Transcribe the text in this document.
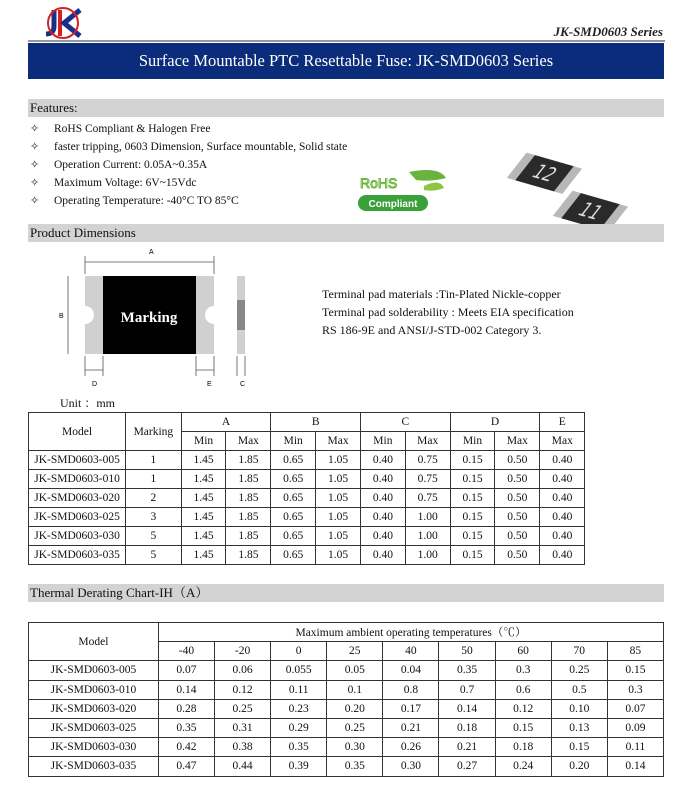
JK-SMD0603 Series
Surface Mountable PTC Resettable Fuse: JK-SMD0603 Series
Features:
✧	RoHS Compliant & Halogen Free
✧	faster tripping, 0603 Dimension, Surface mountable, Solid state
✧	Operation Current: 0.05A~0.35A
✧	Maximum Voltage: 6V~15Vdc
✧	Operating Temperature: -40°C TO 85°C
RoHS
Compliant
12
11
Product Dimensions
A
B	Marking
D	E	C
Terminal pad materials :Tin-Plated Nickle-copper
Terminal pad solderability : Meets EIA specification
RS 186-9E and ANSI/J-STD-002 Category 3.
Unit ：mm
Model	Marking	A		B		C		D		E
		Min	Max	Min	Max	Min	Max	Min	Max	Max
JK-SMD0603-005	1	1.45	1.85	0.65	1.05	0.40	0.75	0.15	0.50	0.40
JK-SMD0603-010	1	1.45	1.85	0.65	1.05	0.40	0.75	0.15	0.50	0.40
JK-SMD0603-020	2	1.45	1.85	0.65	1.05	0.40	0.75	0.15	0.50	0.40
JK-SMD0603-025	3	1.45	1.85	0.65	1.05	0.40	1.00	0.15	0.50	0.40
JK-SMD0603-030	5	1.45	1.85	0.65	1.05	0.40	1.00	0.15	0.50	0.40
JK-SMD0603-035	5	1.45	1.85	0.65	1.05	0.40	1.00	0.15	0.50	0.40
Thermal Derating Chart-IH（A）
Model	Maximum ambient operating temperatures（℃）								
	-40	-20	0	25	40	50	60	70	85
JK-SMD0603-005	0.07	0.06	0.055	0.05	0.04	0.35	0.3	0.25	0.15
JK-SMD0603-010	0.14	0.12	0.11	0.1	0.8	0.7	0.6	0.5	0.3
JK-SMD0603-020	0.28	0.25	0.23	0.20	0.17	0.14	0.12	0.10	0.07
JK-SMD0603-025	0.35	0.31	0.29	0.25	0.21	0.18	0.15	0.13	0.09
JK-SMD0603-030	0.42	0.38	0.35	0.30	0.26	0.21	0.18	0.15	0.11
JK-SMD0603-035	0.47	0.44	0.39	0.35	0.30	0.27	0.24	0.20	0.14
